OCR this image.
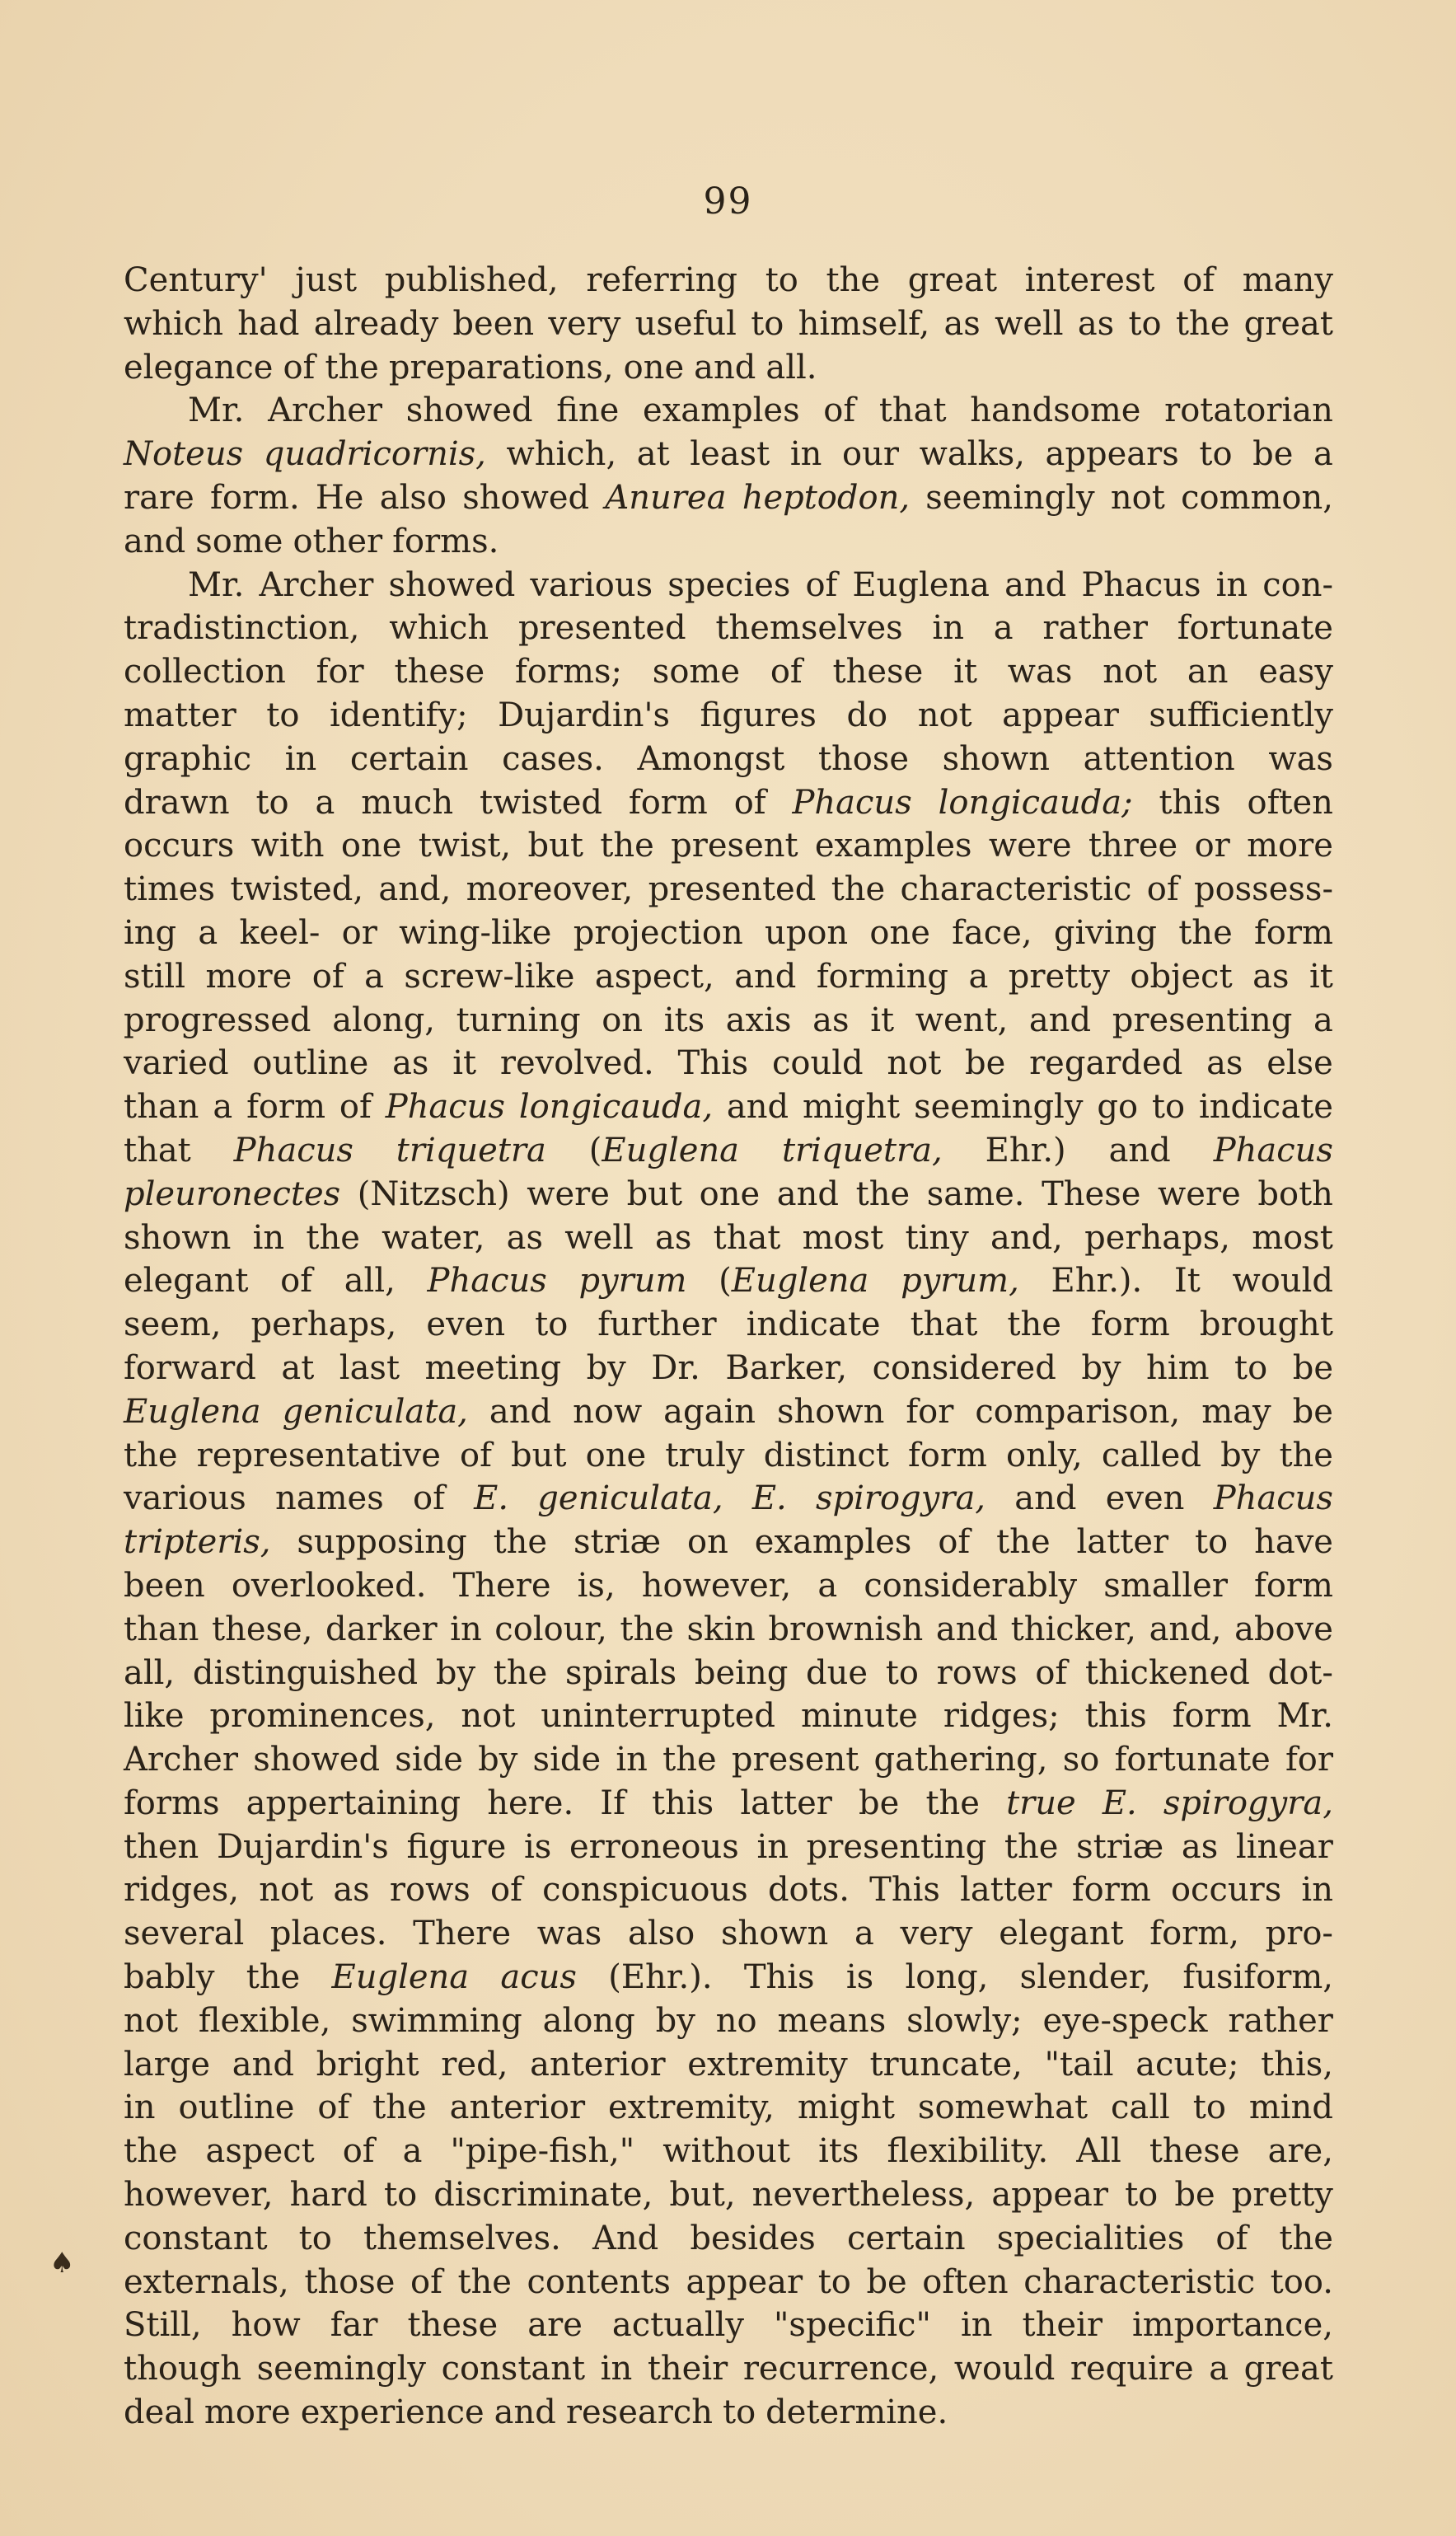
99
♠
Century' just published, referring to the great interest of many
which had already been very useful to himself, as well as to the great
elegance of the preparations, one and all.
Mr. Archer showed fine examples of that handsome rotatorian
Noteus quadricornis, which, at least in our walks, appears to be a
rare form. He also showed Anurea heptodon, seemingly not common,
and some other forms.
Mr. Archer showed various species of Euglena and Phacus in con-
tradistinction, which presented themselves in a rather fortunate
collection for these forms; some of these it was not an easy
matter to identify; Dujardin's figures do not appear sufficiently
graphic in certain cases. Amongst those shown attention was
drawn to a much twisted form of Phacus longicauda; this often
occurs with one twist, but the present examples were three or more
times twisted, and, moreover, presented the characteristic of possess-
ing a keel- or wing-like projection upon one face, giving the form
still more of a screw-like aspect, and forming a pretty object as it
progressed along, turning on its axis as it went, and presenting a
varied outline as it revolved. This could not be regarded as else
than a form of Phacus longicauda, and might seemingly go to indicate
that Phacus triquetra (Euglena triquetra, Ehr.) and Phacus
pleuronectes (Nitzsch) were but one and the same. These were both
shown in the water, as well as that most tiny and, perhaps, most
elegant of all, Phacus pyrum (Euglena pyrum, Ehr.). It would
seem, perhaps, even to further indicate that the form brought
forward at last meeting by Dr. Barker, considered by him to be
Euglena geniculata, and now again shown for comparison, may be
the representative of but one truly distinct form only, called by the
various names of E. geniculata, E. spirogyra, and even Phacus
tripteris, supposing the striæ on examples of the latter to have
been overlooked. There is, however, a considerably smaller form
than these, darker in colour, the skin brownish and thicker, and, above
all, distinguished by the spirals being due to rows of thickened dot-
like prominences, not uninterrupted minute ridges; this form Mr.
Archer showed side by side in the present gathering, so fortunate for
forms appertaining here. If this latter be the true E. spirogyra,
then Dujardin's figure is erroneous in presenting the striæ as linear
ridges, not as rows of conspicuous dots. This latter form occurs in
several places. There was also shown a very elegant form, pro-
bably the Euglena acus (Ehr.). This is long, slender, fusiform,
not flexible, swimming along by no means slowly; eye-speck rather
large and bright red, anterior extremity truncate, "tail acute; this,
in outline of the anterior extremity, might somewhat call to mind
the aspect of a "pipe-fish," without its flexibility. All these are,
however, hard to discriminate, but, nevertheless, appear to be pretty
constant to themselves. And besides certain specialities of the
externals, those of the contents appear to be often characteristic too.
Still, how far these are actually "specific" in their importance,
though seemingly constant in their recurrence, would require a great
deal more experience and research to determine.
